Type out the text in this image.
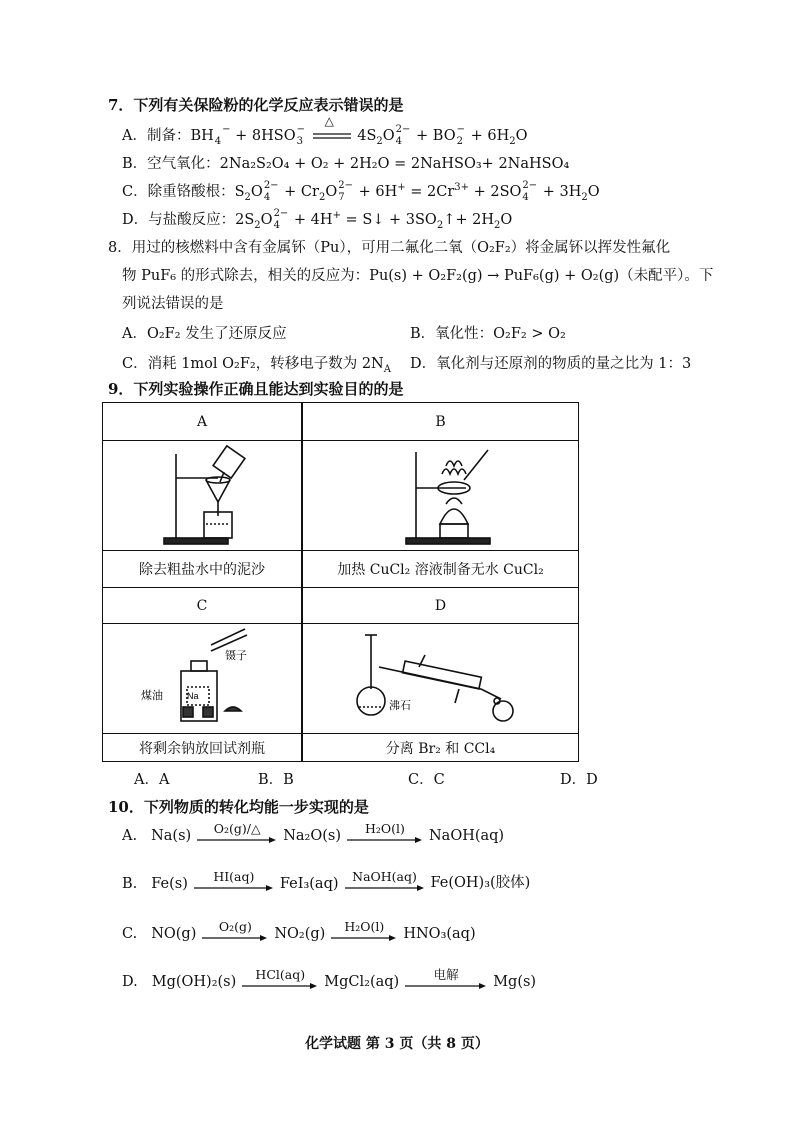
7．下列有关保险粉的化学反应表示错误的是
A．制备：BH 4
− + 8HSO −
3

△
$4S_2O$ 2−
4 + BO −
$2 + 6H_2O$
B．空气氧化：2Na₂S₂O₄ + O₂ + 2H₂O = 2NaHSO₃+ 2NaHSO₄
C．除重铬酸根：$S_2O$ 2−
$4 + Cr_2O$ 2−
$7 + 6H^+ = 2Cr^{3+} + 2SO$ 2−
$4 + 3H_2O$
D．与盐酸反应：$2S_2O$ 2−
4 + 4H+ = S↓ + $3SO_2↑+ 2H_2O$
8．用过的核燃料中含有金属钚（Pu），可用二氟化二氧（O₂F₂）将金属钚以挥发性氟化
物 PuF₆ 的形式除去，相关的反应为：Pu(s) + O₂F₂(g) → PuF₆(g) + O₂(g)（未配平）。下
列说法错误的是
A．O₂F₂ 发生了还原反应	B．氧化性：O₂F₂ > O₂
C．消耗 1mol O₂F₂，转移电子数为 $2N_A$ D．氧化剂与还原剂的物质的量之比为 1：3
9．下列实验操作正确且能达到实验目的的是
A	B
除去粗盐水中的泥沙	加热 CuCl₂ 溶液制备无水 CuCl₂
C	D
Na
镊子
煤油
沸石
将剩余钠放回试剂瓶	分离 Br₂ 和 CCl₄
A．A	B．B	C．C	D．D
10．下列物质的转化均能一步实现的是
A. Na(s) O₂(g)/△ Na₂O(s) H₂O(l) NaOH(aq)
B. Fe(s) HI(aq) FeI₃(aq) NaOH(aq) Fe(OH)₃(胶体)
C. NO(g) O₂(g) NO₂(g) H₂O(l) HNO₃(aq)
D. Mg(OH)₂(s) HCl(aq) MgCl₂(aq)	电解 Mg(s)
化学试题 第 3 页（共 8 页）
